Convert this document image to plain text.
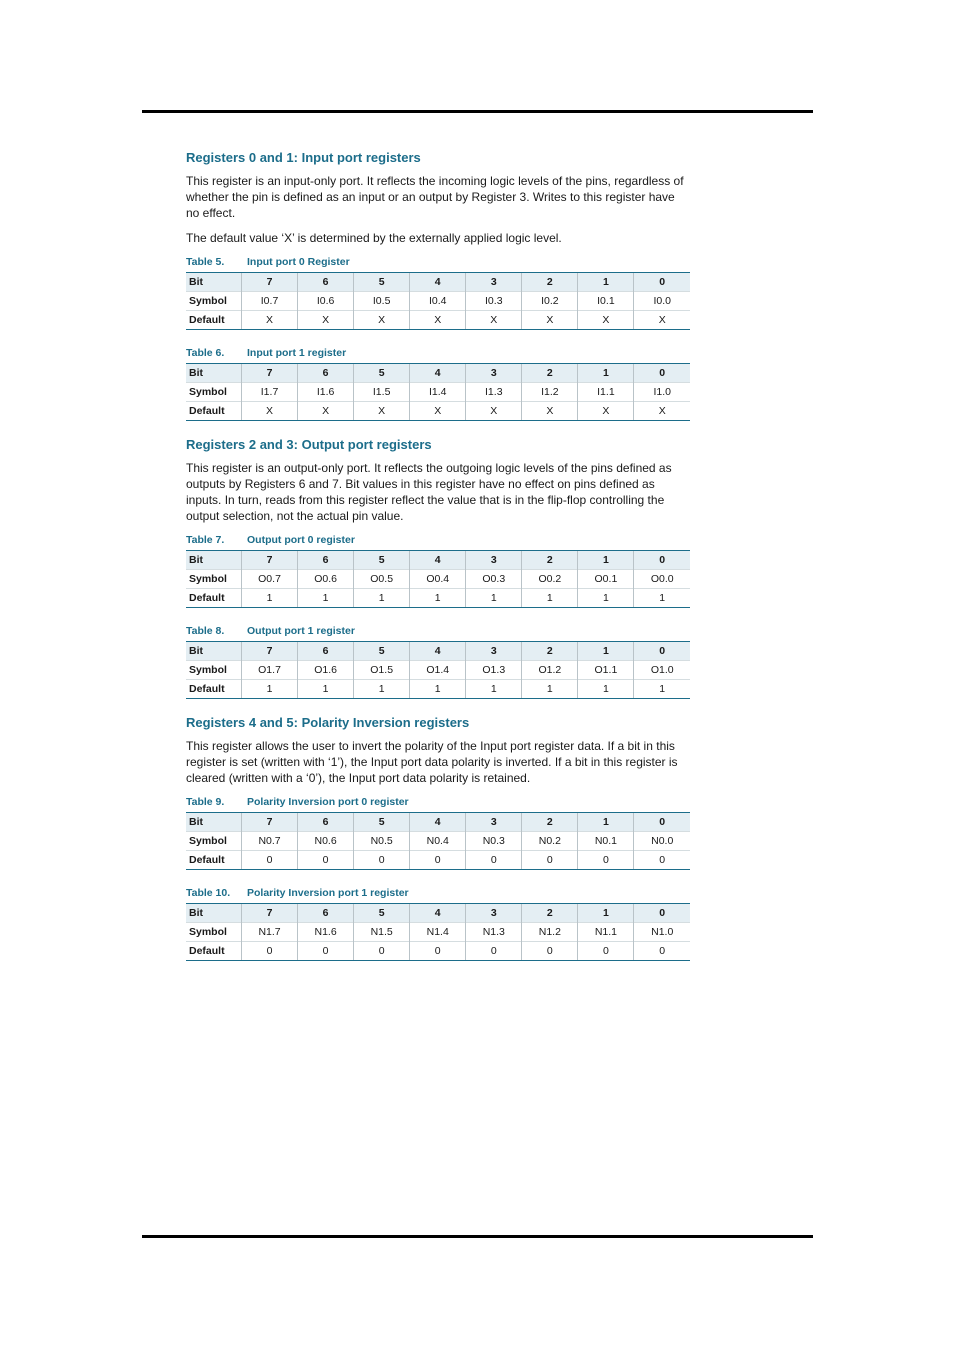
Registers 0 and 1: Input port registers

This register is an input-only port. It reflects the incoming logic levels of the pins, regardless of whether the pin is defined as an input or an output by Register 3. Writes to this register have no effect.

The default value ‘X’ is determined by the externally applied logic level.

Table 5.	Input port 0 Register
Bit	7	6	5	4	3	2	1	0
Symbol	I0.7	I0.6	I0.5	I0.4	I0.3	I0.2	I0.1	I0.0
Default	X	X	X	X	X	X	X	X
Table 6.	Input port 1 register
Bit	7	6	5	4	3	2	1	0
Symbol	I1.7	I1.6	I1.5	I1.4	I1.3	I1.2	I1.1	I1.0
Default	X	X	X	X	X	X	X	X
Registers 2 and 3: Output port registers

This register is an output-only port. It reflects the outgoing logic levels of the pins defined as outputs by Registers 6 and 7. Bit values in this register have no effect on pins defined as inputs. In turn, reads from this register reflect the value that is in the flip-flop controlling the output selection, not the actual pin value.

Table 7.	Output port 0 register
Bit	7	6	5	4	3	2	1	0
Symbol	O0.7	O0.6	O0.5	O0.4	O0.3	O0.2	O0.1	O0.0
Default	1	1	1	1	1	1	1	1
Table 8.	Output port 1 register
Bit	7	6	5	4	3	2	1	0
Symbol	O1.7	O1.6	O1.5	O1.4	O1.3	O1.2	O1.1	O1.0
Default	1	1	1	1	1	1	1	1
Registers 4 and 5: Polarity Inversion registers

This register allows the user to invert the polarity of the Input port register data. If a bit in this register is set (written with ‘1’), the Input port data polarity is inverted. If a bit in this register is cleared (written with a ‘0’), the Input port data polarity is retained.

Table 9.	Polarity Inversion port 0 register
Bit	7	6	5	4	3	2	1	0
Symbol	N0.7	N0.6	N0.5	N0.4	N0.3	N0.2	N0.1	N0.0
Default	0	0	0	0	0	0	0	0
Table 10.	Polarity Inversion port 1 register
Bit	7	6	5	4	3	2	1	0
Symbol	N1.7	N1.6	N1.5	N1.4	N1.3	N1.2	N1.1	N1.0
Default	0	0	0	0	0	0	0	0
